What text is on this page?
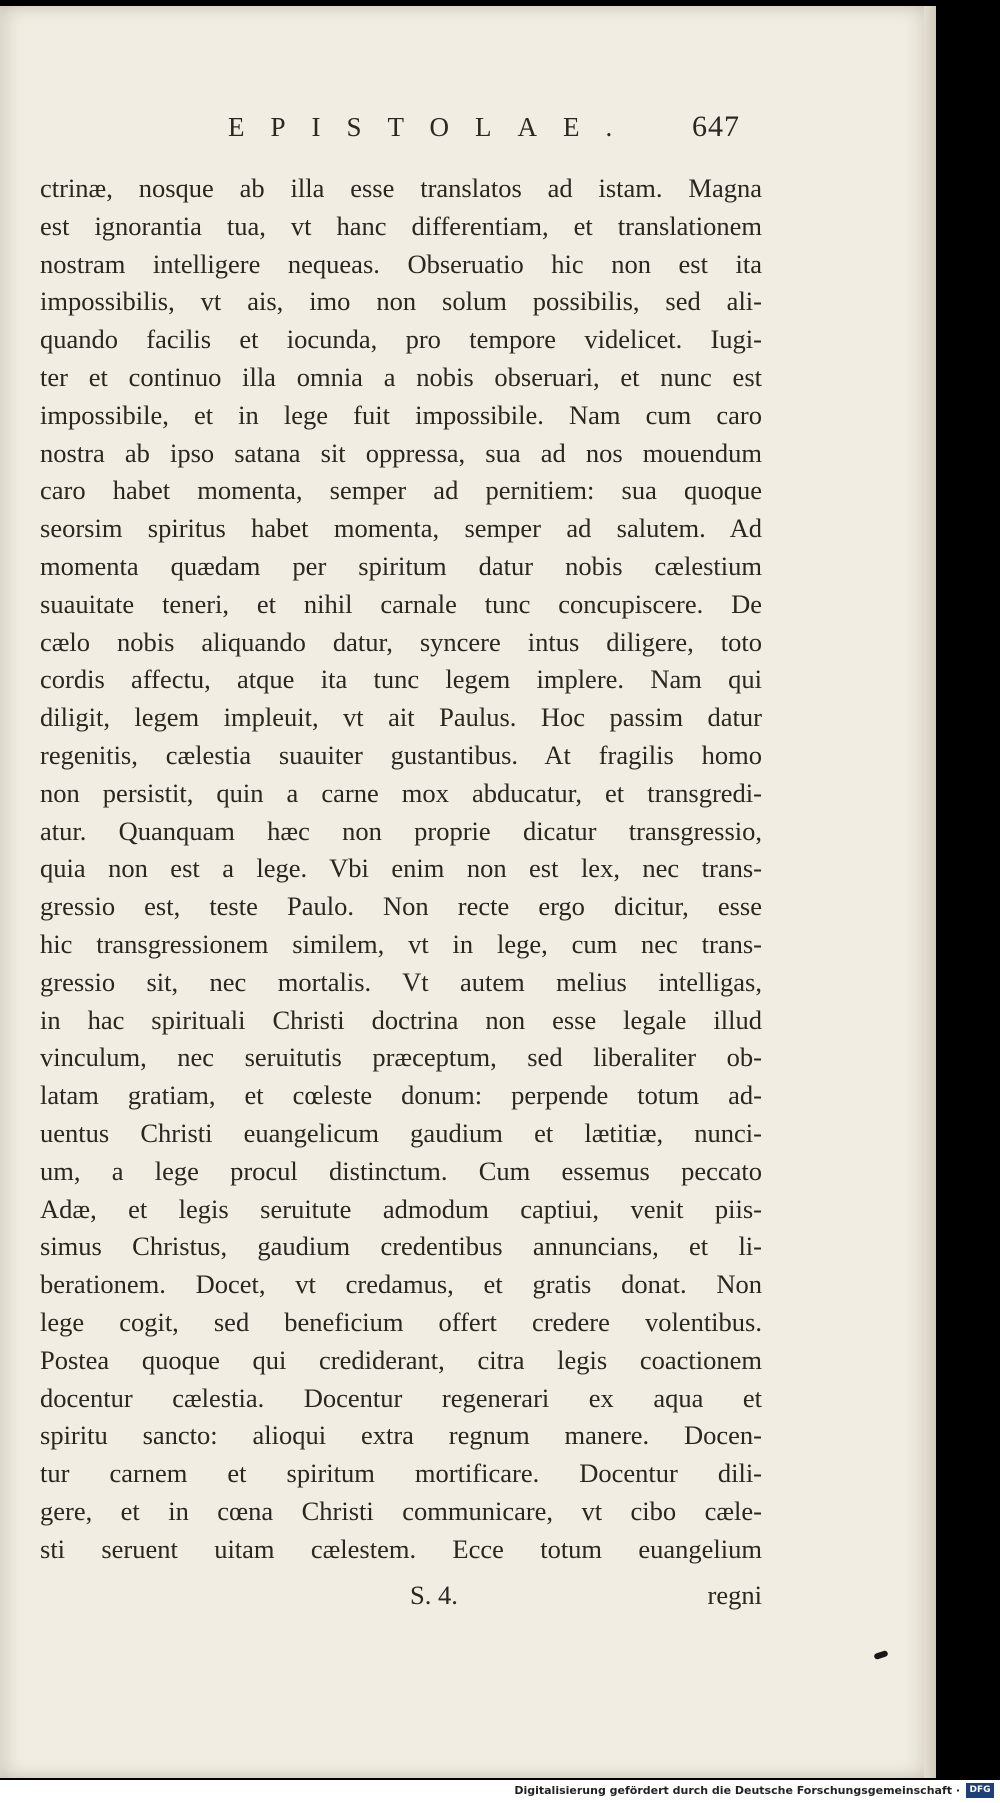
EPISTOLAE. 647
ctrinæ, nosque ab illa esse translatos ad istam. Magna
est ignorantia tua, vt hanc differentiam, et translationem
nostram intelligere nequeas. Obseruatio hic non est ita
impossibilis, vt ais, imo non solum possibilis, sed ali-
quando facilis et iocunda, pro tempore videlicet. Iugi-
ter et continuo illa omnia a nobis obseruari, et nunc est
impossibile, et in lege fuit impossibile. Nam cum caro
nostra ab ipso satana sit oppressa, sua ad nos mouendum
caro habet momenta, semper ad pernitiem: sua quoque
seorsim spiritus habet momenta, semper ad salutem. Ad
momenta quædam per spiritum datur nobis cælestium
suauitate teneri, et nihil carnale tunc concupiscere. De
cælo nobis aliquando datur, syncere intus diligere, toto
cordis affectu, atque ita tunc legem implere. Nam qui
diligit, legem impleuit, vt ait Paulus. Hoc passim datur
regenitis, cælestia suauiter gustantibus. At fragilis homo
non persistit, quin a carne mox abducatur, et transgredi-
atur. Quanquam hæc non proprie dicatur transgressio,
quia non est a lege. Vbi enim non est lex, nec trans-
gressio est, teste Paulo. Non recte ergo dicitur, esse
hic transgressionem similem, vt in lege, cum nec trans-
gressio sit, nec mortalis. Vt autem melius intelligas,
in hac spirituali Christi doctrina non esse legale illud
vinculum, nec seruitutis præceptum, sed liberaliter ob-
latam gratiam, et cœleste donum: perpende totum ad-
uentus Christi euangelicum gaudium et lætitiæ, nunci-
um, a lege procul distinctum. Cum essemus peccato
Adæ, et legis seruitute admodum captiui, venit piis-
simus Christus, gaudium credentibus annuncians, et li-
berationem. Docet, vt credamus, et gratis donat. Non
lege cogit, sed beneficium offert credere volentibus.
Postea quoque qui crediderant, citra legis coactionem
docentur cælestia. Docentur regenerari ex aqua et
spiritu sancto: alioqui extra regnum manere. Docen-
tur carnem et spiritum mortificare. Docentur dili-
gere, et in cœna Christi communicare, vt cibo cæle-
sti seruent uitam cælestem. Ecce totum euangelium
S. 4.	regni
Digitalisierung gefördert durch die Deutsche Forschungsgemeinschaft ·	DFG
